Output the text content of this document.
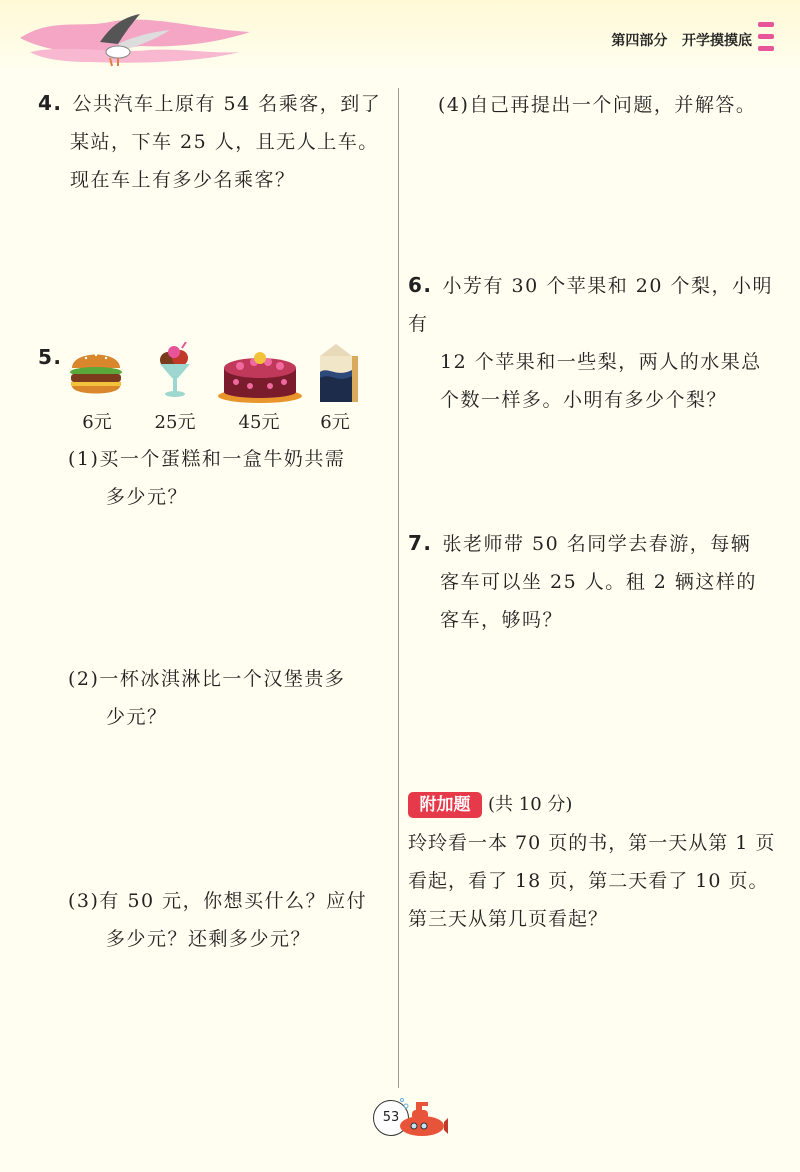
第四部分 开学摸摸底
4. 公共汽车上原有 54 名乘客，到了
某站，下车 25 人，且无人上车。
现在车上有多少名乘客？
5.
6元	25元	45元	6元
(1)买一个蛋糕和一盒牛奶共需
多少元？
(2)一杯冰淇淋比一个汉堡贵多
少元？
(3)有 50 元，你想买什么？应付
多少元？还剩多少元？
(4)自己再提出一个问题，并解答。
6. 小芳有 30 个苹果和 20 个梨，小明有
12 个苹果和一些梨，两人的水果总
个数一样多。小明有多少个梨？
7. 张老师带 50 名同学去春游，每辆
客车可以坐 25 人。租 2 辆这样的
客车，够吗？
附加题 (共 10 分)
玲玲看一本 70 页的书，第一天从第 1 页
看起，看了 18 页，第二天看了 10 页。
第三天从第几页看起？
53
